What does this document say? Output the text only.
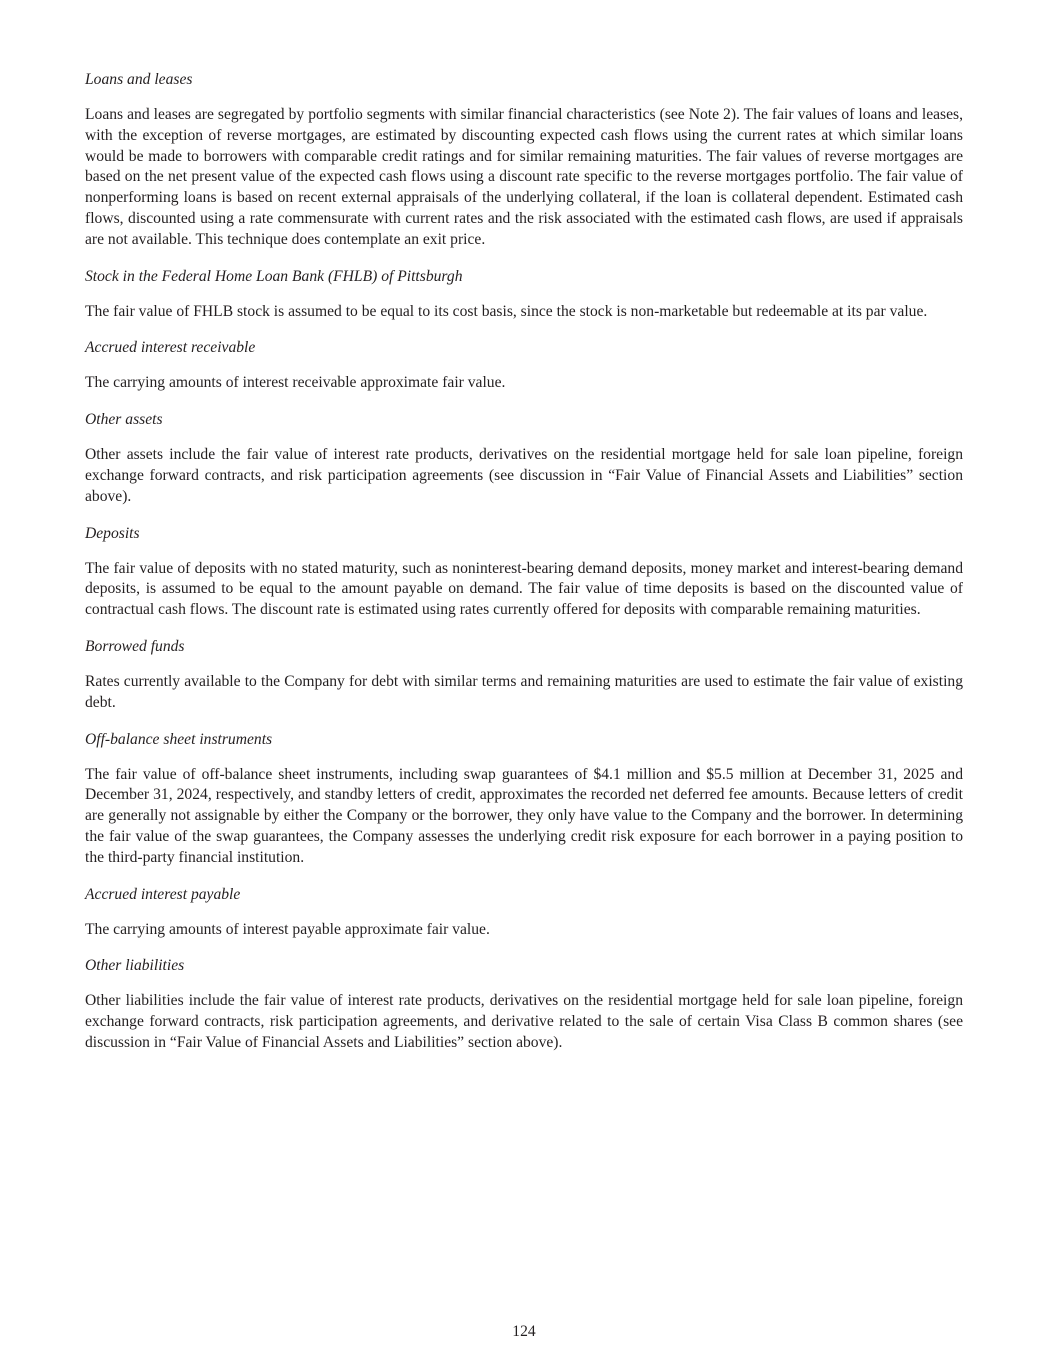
Loans and leases
Loans and leases are segregated by portfolio segments with similar financial characteristics (see Note 2). The fair values of loans and leases, with the exception of reverse mortgages, are estimated by discounting expected cash flows using the current rates at which similar loans would be made to borrowers with comparable credit ratings and for similar remaining maturities. The fair values of reverse mortgages are based on the net present value of the expected cash flows using a discount rate specific to the reverse mortgages portfolio. The fair value of nonperforming loans is based on recent external appraisals of the underlying collateral, if the loan is collateral dependent. Estimated cash flows, discounted using a rate commensurate with current rates and the risk associated with the estimated cash flows, are used if appraisals are not available. This technique does contemplate an exit price.
Stock in the Federal Home Loan Bank (FHLB) of Pittsburgh
The fair value of FHLB stock is assumed to be equal to its cost basis, since the stock is non-marketable but redeemable at its par value.
Accrued interest receivable
The carrying amounts of interest receivable approximate fair value.
Other assets
Other assets include the fair value of interest rate products, derivatives on the residential mortgage held for sale loan pipeline, foreign exchange forward contracts, and risk participation agreements (see discussion in “Fair Value of Financial Assets and Liabilities” section above).
Deposits
The fair value of deposits with no stated maturity, such as noninterest-bearing demand deposits, money market and interest-bearing demand deposits, is assumed to be equal to the amount payable on demand. The fair value of time deposits is based on the discounted value of contractual cash flows. The discount rate is estimated using rates currently offered for deposits with comparable remaining maturities.
Borrowed funds
Rates currently available to the Company for debt with similar terms and remaining maturities are used to estimate the fair value of existing debt.
Off-balance sheet instruments
The fair value of off-balance sheet instruments, including swap guarantees of $4.1 million and $5.5 million at December 31, 2025 and December 31, 2024, respectively, and standby letters of credit, approximates the recorded net deferred fee amounts. Because letters of credit are generally not assignable by either the Company or the borrower, they only have value to the Company and the borrower. In determining the fair value of the swap guarantees, the Company assesses the underlying credit risk exposure for each borrower in a paying position to the third-party financial institution.
Accrued interest payable
The carrying amounts of interest payable approximate fair value.
Other liabilities
Other liabilities include the fair value of interest rate products, derivatives on the residential mortgage held for sale loan pipeline, foreign exchange forward contracts, risk participation agreements, and derivative related to the sale of certain Visa Class B common shares (see discussion in “Fair Value of Financial Assets and Liabilities” section above).
124
